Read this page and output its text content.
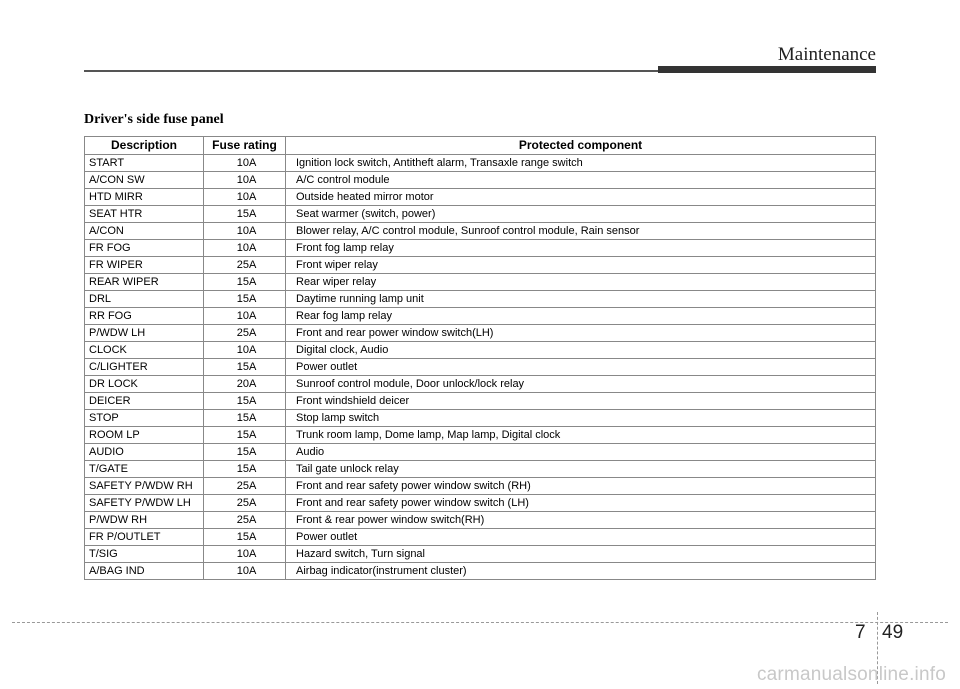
Maintenance
Driver's side fuse panel
Description	Fuse rating	Protected component
START	10A	Ignition lock switch, Antitheft alarm, Transaxle range switch
A/CON SW	10A	A/C control module
HTD MIRR	10A	Outside heated mirror motor
SEAT HTR	15A	Seat warmer (switch, power)
A/CON	10A	Blower relay, A/C control module, Sunroof control module, Rain sensor
FR FOG	10A	Front fog lamp relay
FR WIPER	25A	Front wiper relay
REAR WIPER	15A	Rear wiper relay
DRL	15A	Daytime running lamp unit
RR FOG	10A	Rear fog lamp relay
P/WDW LH	25A	Front and rear power window switch(LH)
CLOCK	10A	Digital clock, Audio
C/LIGHTER	15A	Power outlet
DR LOCK	20A	Sunroof control module, Door unlock/lock relay
DEICER	15A	Front windshield deicer
STOP	15A	Stop lamp switch
ROOM LP	15A	Trunk room lamp, Dome lamp, Map lamp, Digital clock
AUDIO	15A	Audio
T/GATE	15A	Tail gate unlock relay
SAFETY P/WDW RH	25A	Front and rear safety power window switch (RH)
SAFETY P/WDW LH	25A	Front and rear safety power window switch (LH)
P/WDW RH	25A	Front & rear power window switch(RH)
FR P/OUTLET	15A	Power outlet
T/SIG	10A	Hazard switch, Turn signal
A/BAG IND	10A	Airbag indicator(instrument cluster)
7 49
carmanualsonline.info
